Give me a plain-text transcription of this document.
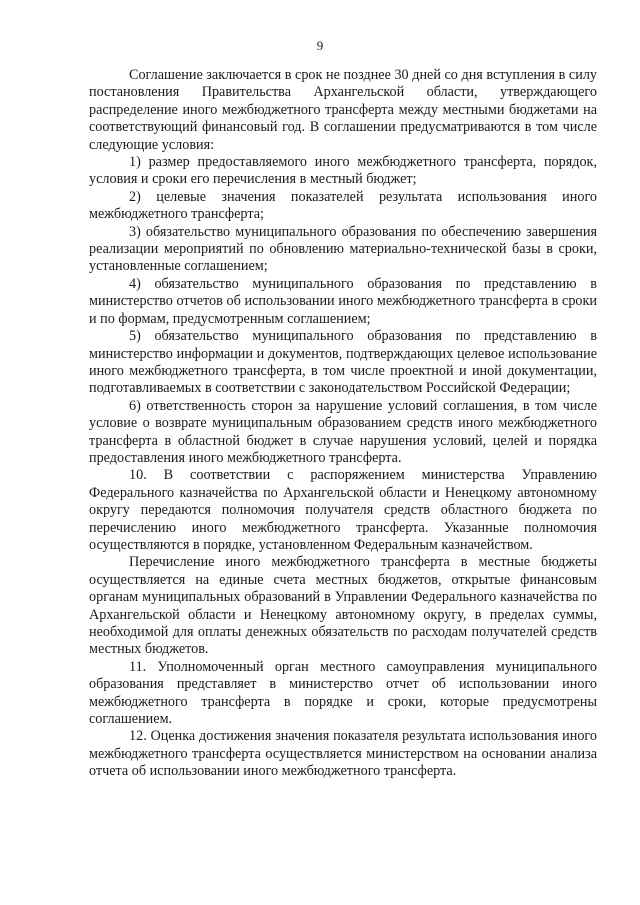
9

Соглашение заключается в срок не позднее 30 дней со дня вступления в силу постановления Правительства Архангельской области, утверждающего распределение иного межбюджетного трансферта между местными бюджетами на соответствующий финансовый год. В соглашении предусматриваются в том числе следующие условия:

1) размер предоставляемого иного межбюджетного трансферта, порядок, условия и сроки его перечисления в местный бюджет;

2) целевые значения показателей результата использования иного межбюджетного трансферта;

3) обязательство муниципального образования по обеспечению завершения реализации мероприятий по обновлению материально-технической базы в сроки, установленные соглашением;

4) обязательство муниципального образования по представлению в министерство отчетов об использовании иного межбюджетного трансферта в сроки и по формам, предусмотренным соглашением;

5) обязательство муниципального образования по представлению в министерство информации и документов, подтверждающих целевое использование иного межбюджетного трансферта, в том числе проектной и иной документации, подготавливаемых в соответствии с законодательством Российской Федерации;

6) ответственность сторон за нарушение условий соглашения, в том числе условие о возврате муниципальным образованием средств иного межбюджетного трансферта в областной бюджет в случае нарушения условий, целей и порядка предоставления иного межбюджетного трансферта.

10. В соответствии с распоряжением министерства Управлению Федерального казначейства по Архангельской области и Ненецкому автономному округу передаются полномочия получателя средств областного бюджета по перечислению иного межбюджетного трансферта. Указанные полномочия осуществляются в порядке, установленном Федеральным казначейством.

Перечисление иного межбюджетного трансферта в местные бюджеты осуществляется на единые счета местных бюджетов, открытые финансовым органам муниципальных образований в Управлении Федерального казначейства по Архангельской области и Ненецкому автономному округу, в пределах суммы, необходимой для оплаты денежных обязательств по расходам получателей средств местных бюджетов.

11. Уполномоченный орган местного самоуправления муниципального образования представляет в министерство отчет об использовании иного межбюджетного трансферта в порядке и сроки, которые предусмотрены соглашением.

12. Оценка достижения значения показателя результата использования иного межбюджетного трансферта осуществляется министерством на основании анализа отчета об использовании иного межбюджетного трансферта.
